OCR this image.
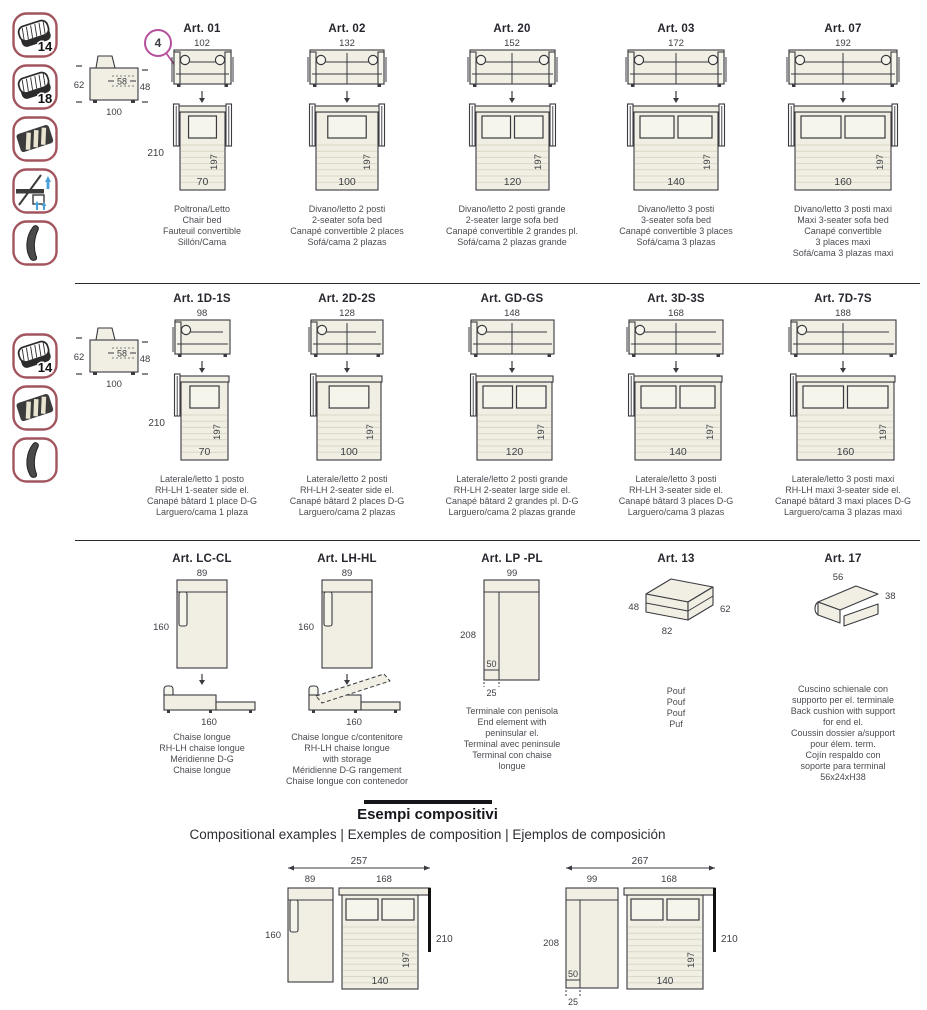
Esempi compositivi
Compositional examples | Exemples de composition | Ejemplos de composición
14
18
14
62	58
48
100
62	58
48
100
4
Art. 01
102
70
197
210
Poltrona/Letto
Chair bed
Fauteuil convertible
Sillón/Cama
Art. 02
132
100
197
Divano/letto 2 posti
2-seater sofa bed
Canapé convertible 2 places
Sofá/cama 2 plazas
Art. 20
152
120
197
Divano/letto 2 posti grande
2-seater large sofa bed
Canapé convertible 2 grandes pl.
Sofá/cama 2 plazas grande
Art. 03
172
140
197
Divano/letto 3 posti
3-seater sofa bed
Canapé convertible 3 places
Sofá/cama 3 plazas
Art. 07
192
160
197
Divano/letto 3 posti maxi
Maxi 3-seater sofa bed
Canapé convertible
3 places maxi
Sofá/cama 3 plazas maxi
Art. 1D-1S
98
70
197
210
Laterale/letto 1 posto
RH-LH 1-seater side el.
Canapé bâtard 1 place D-G
Larguero/cama 1 plaza
Art. 2D-2S
128
100
197
Laterale/letto 2 posti
RH-LH 2-seater side el.
Canapé bâtard 2 places D-G
Larguero/cama 2 plazas
Art. GD-GS
148
120
197
Laterale/letto 2 posti grande
RH-LH 2-seater large side el.
Canapé bâtard 2 grandes pl. D-G
Larguero/cama 2 plazas grande
Art. 3D-3S
168
140
197
Laterale/letto 3 posti
RH-LH 3-seater side el.
Canapé bâtard 3 places D-G
Larguero/cama 3 plazas
Art. 7D-7S
188
160
197
Laterale/letto 3 posti maxi
RH-LH maxi 3-seater side el.
Canapé bâtard 3 maxi places D-G
Larguero/cama 3 plazas maxi
Art. LC-CL
89
160
160
Chaise longue
RH-LH chaise longue
Méridienne D-G
Chaise longue
Art. LH-HL
89
160
160
Chaise longue c/contenitore
RH-LH chaise longue
with storage
Méridienne D-G rangement
Chaise longue con contenedor
Art. LP -PL
99
208
50
25
Terminale con penisola
End element with
peninsular el.
Terminal avec peninsule
Terminal con chaise
longue
Art. 13
48
82
62
Pouf
Pouf
Pouf
Puf
Art. 17
56
38
Cuscino schienale con
supporto per el. terminale
Back cushion with support
for end el.
Coussin dossier a/support
pour élem. term.
Cojín respaldo con
soporte para terminal
56x24xH38
257
89
160
197
140
210
168
267
99
50
25
208
197
140
210
168
